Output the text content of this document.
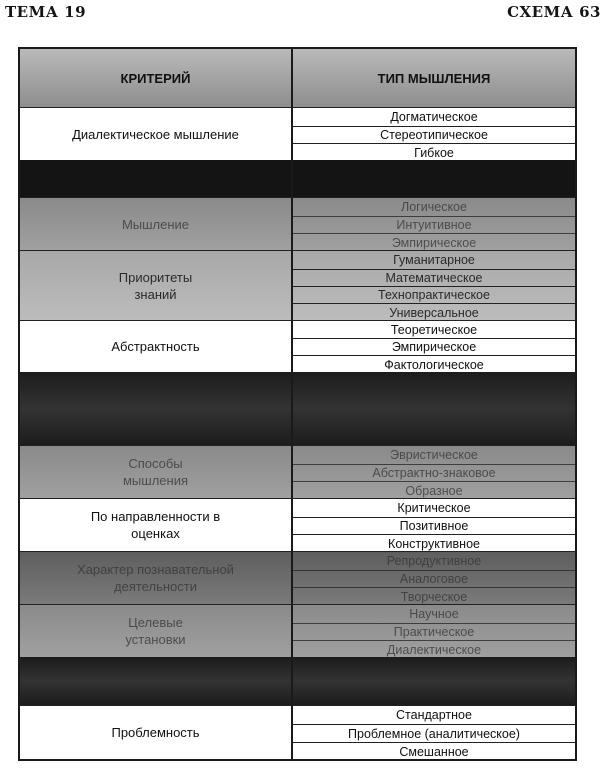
ТЕМА 19	СХЕМА 63
КРИТЕРИЙ	ТИП МЫШЛЕНИЯ
Диалектическое мышление
Догматическое
Стереотипическое
Гибкое
Мышление
Логическое
Интуитивное
Эмпирическое
Приоритеты знаний
Гуманитарное
Математическое
Технопрактическое
Универсальное
Абстрактность
Теоретическое
Эмпирическое
Фактологическое
Способы мышления
Эвристическое
Абстрактно-знаковое
Образное
По направленности в оценках
Критическое
Позитивное
Конструктивное
Характер познавательной деятельности
Репродуктивное
Аналоговое
Творческое
Целевые установки
Научное
Практическое
Диалектическое
Проблемность
Стандартное
Проблемное (аналитическое)
Смешанное
